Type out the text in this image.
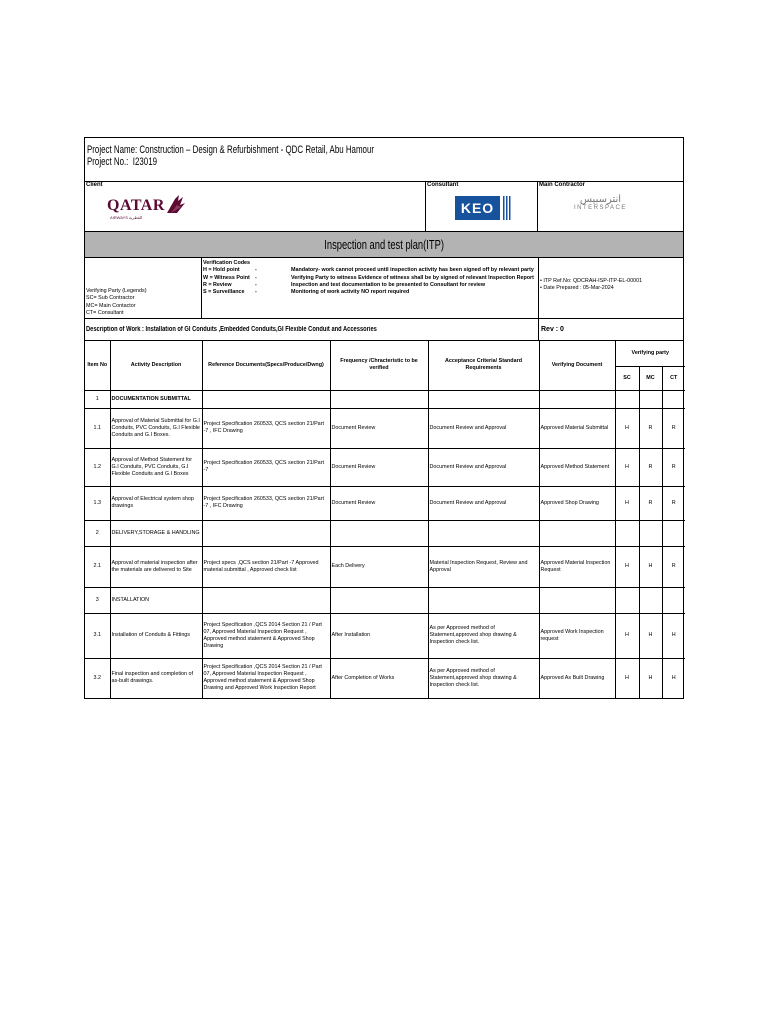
Project Name: Construction – Design & Refurbishment - QDC Retail, Abu Hamour
Project No.: I23019
Client
QATAR
AIRWAYS القطرية
Consultant
KEO
Main Contractor
انترسبيس
INTERSPACE
Inspection and test plan(ITP)
Verifying Party (Legends)
SC= Sub Contractor
MC= Main Contactor
CT= Consultant
Verification Codes
H = Hold point	-	Mandatory- work cannot proceed until inspection activity has been signed off by relevant party
W = Witness Point -	Verifying Party to witness Evidence of witness shall be by signed of relevant Inspection Report
R = Review	-	Inspection and test documentation to be presented to Consultant for review
S = Surveillance	-	Monitoring of work activity NO report required
• ITP Ref.No: QDCRAH-ISP-ITP-EL-00001
• Date Prepared : 05-Mar-2024
Description of Work : Installation of GI Conduits ,Embedded Conduits,GI Flexible Conduit and Accessories	Rev : 0
Item No	Activity Description	Reference Documents(Specs/Produce/Dwng)	Frequency /Chracteristic to be verified	Acceptance Criteria/ Standard Requirements	Verifying Document	Verifying party		
						SC	MC	CT
1	DOCUMENTATION SUBMITTAL							
1.1	Approval of Material Submittal for G.I Conduits, PVC Conduits, G.I Flexible Conduits and G.I Boxes.	Project Specification 260533, QCS section 21/Part -7 , IFC Drawing	Document Review	Document Review and Approval	Approved Material Submittal	H	R	R
1.2	Approval of Method Statement for G.I Conduits, PVC Conduits, G.I Flexible Conduits and G.I Boxes	Project Specification 260533, QCS section 21/Part -7	Document Review	Document Review and Approval	Approved Method Statement	H	R	R
1.3	Approval of Electrical system shop drawings	Project Specification 260533, QCS section 21/Part -7 , IFC Drawing	Document Review	Document Review and Approval	Approved Shop Drawing	H	R	R
2	DELIVERY,STORAGE & HANDLING							
2.1	Approval of material inspection after the materials are delivered to Site	Project specs ,QCS section 21/Part -7 Approved material submittal , Approved check list	Each Delivery	Material Inspection Request, Review and Approval	Approved Material Inspection Request	H	H	R
3	INSTALLATION							
3.1	Installation of Conduits & Fittings	Project Specification ,QCS 2014 Section 21 / Part 07, Approved Material Inspection Request , Approved method statement & Approved Shop Drawing	After Installation	As per Approved method of Statement,approved shop drawing & Inspection check list.	Approved Work Inspection request	H	H	H
3.2	Final inspection and completion of as-built drawings.	Project Specification ,QCS 2014 Section 21 / Part 07, Approved Material Inspection Request , Approved method statement & Approved Shop Drawing and Approved Work Inspection Report	After Completion of Works	As per Approved method of Statement,approved shop drawing & Inspection check list.	Approved As Built Drawing	H	H	H
